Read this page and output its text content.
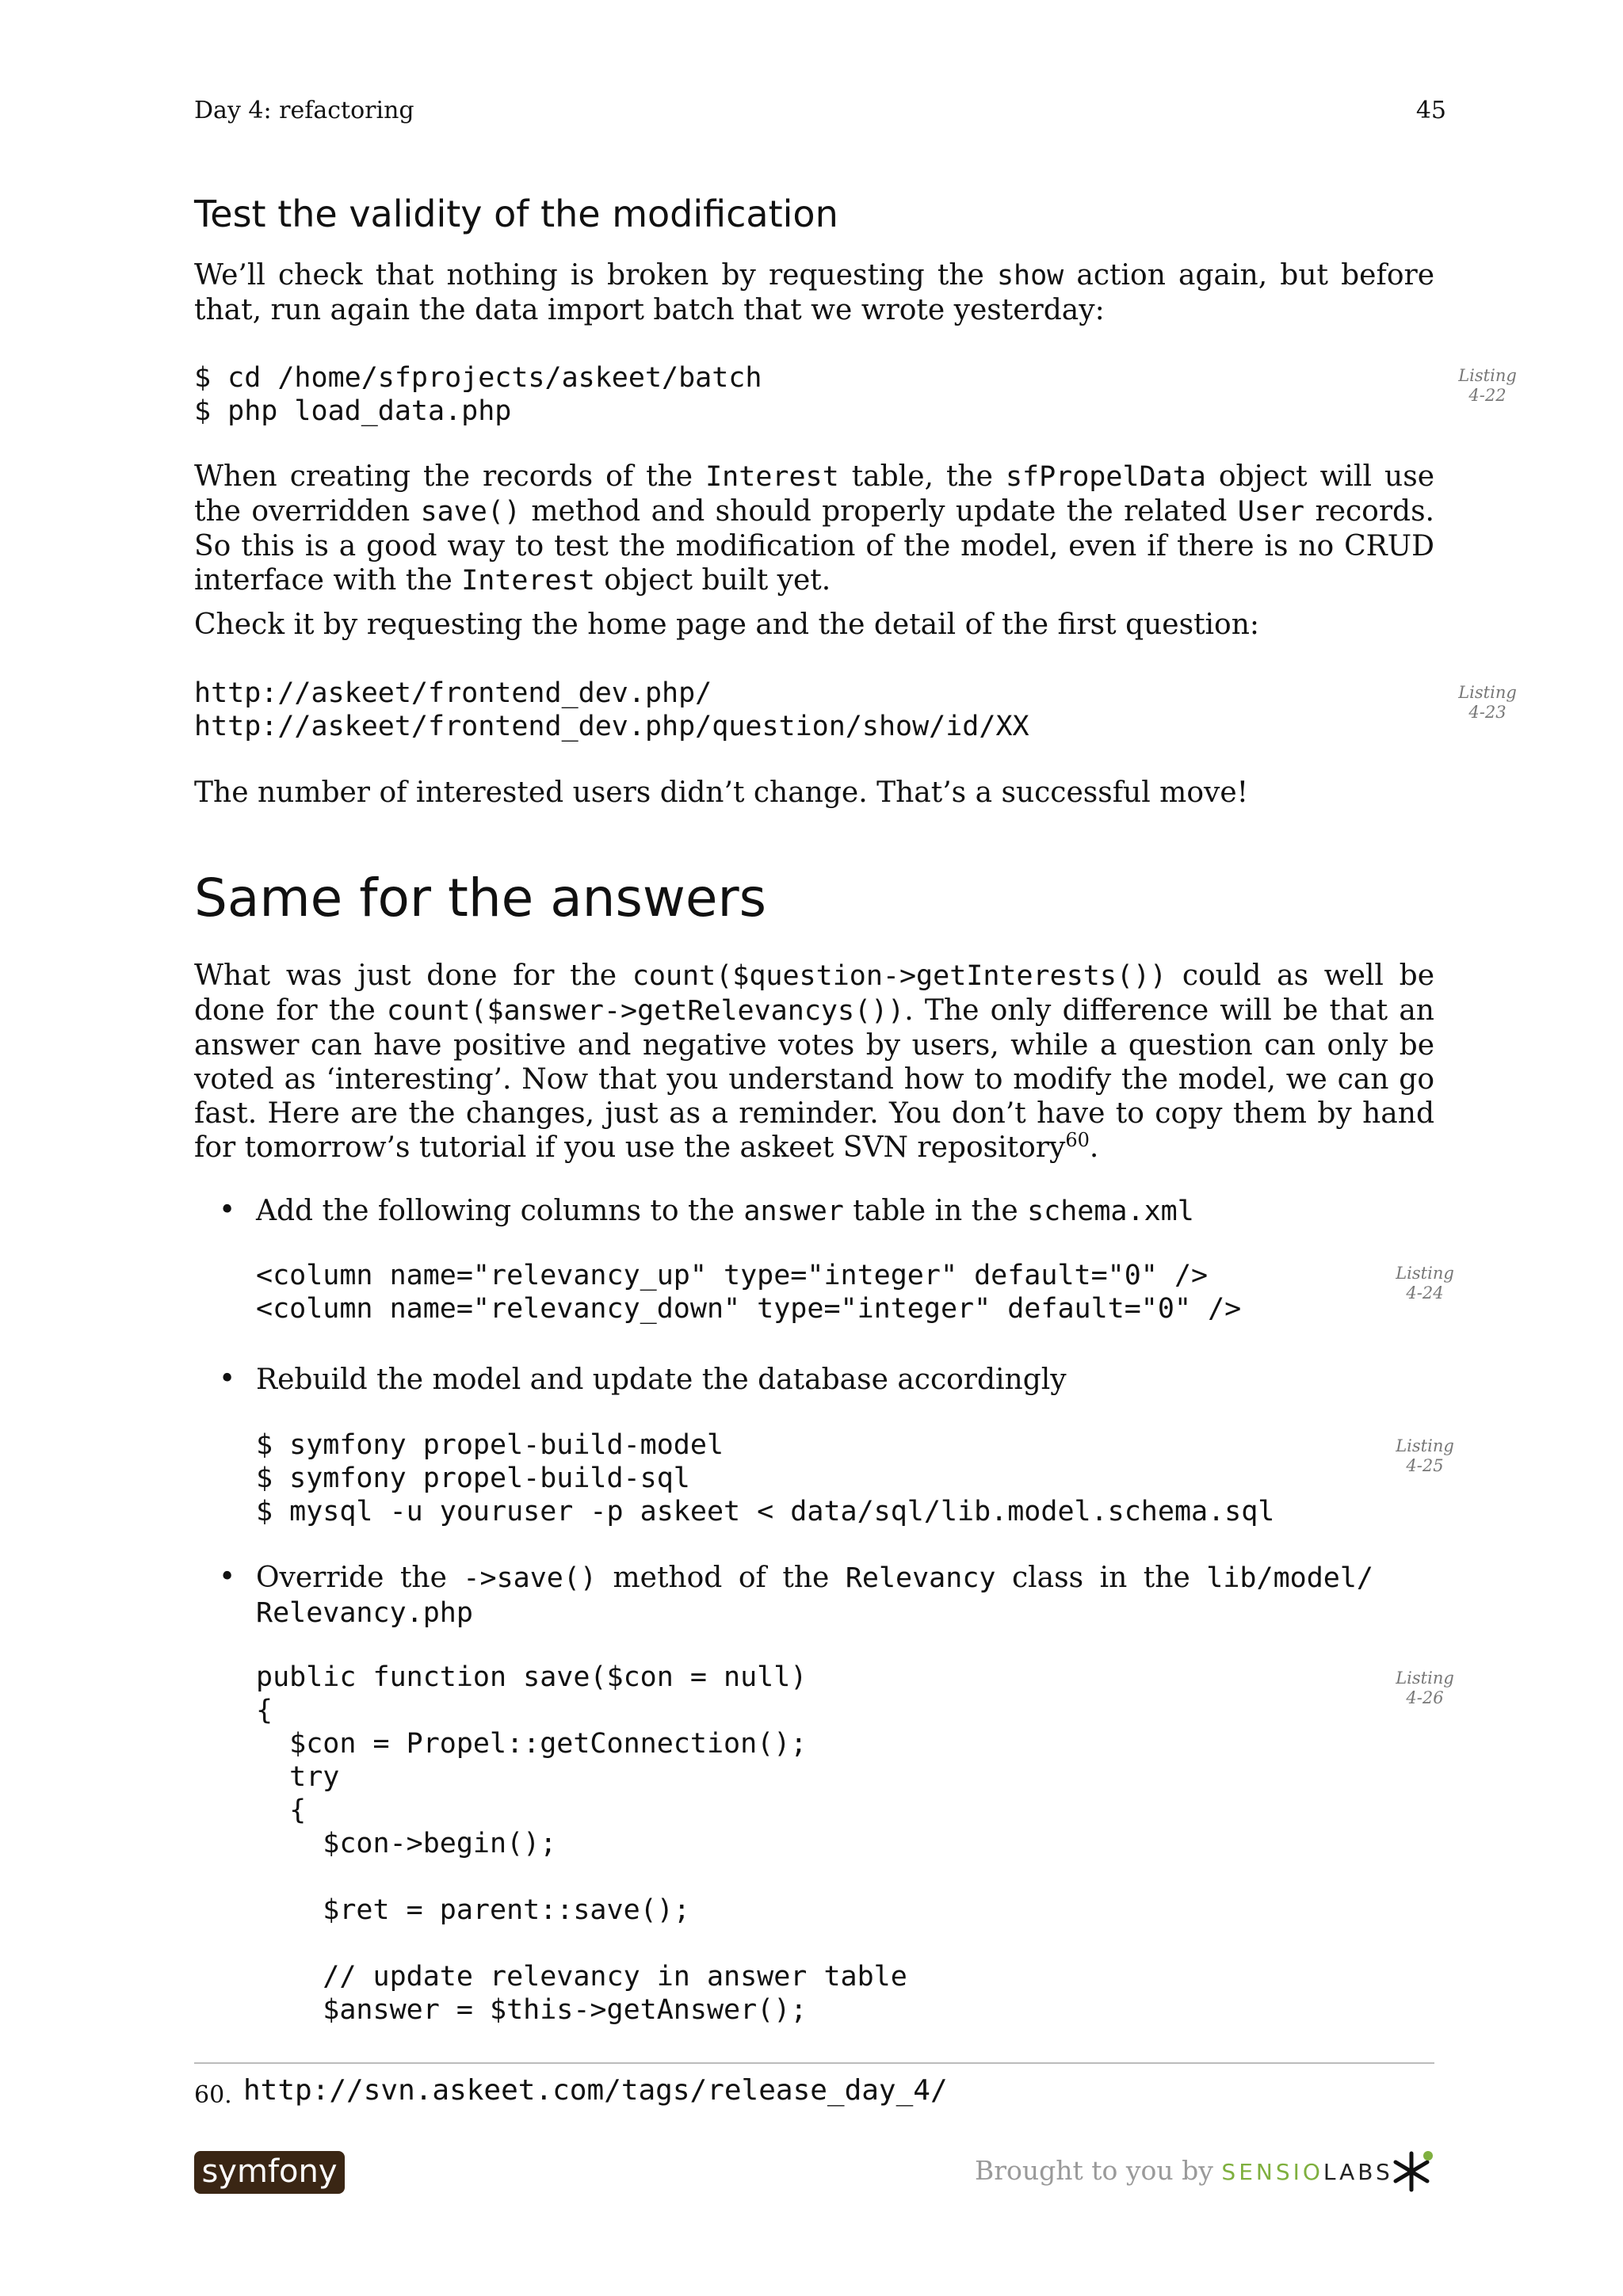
Day 4: refactoring	45
Test the validity of the modification

We’ll check that nothing is broken by requesting the show action again, but before that, run again the data import batch that we wrote yesterday:

$ cd /home/sfprojects/askeet/batch
$ php load_data.php
Listing
4-22

When creating the records of the Interest table, the sfPropelData object will use the overridden save() method and should properly update the related User records. So this is a good way to test the modification of the model, even if there is no CRUD interface with the Interest object built yet.

Check it by requesting the home page and the detail of the first question:

http://askeet/frontend_dev.php/
http://askeet/frontend_dev.php/question/show/id/XX
Listing
4-23

The number of interested users didn’t change. That’s a successful move!

Same for the answers

What was just done for the count($question->getInterests()) could as well be done for the count($answer->getRelevancys()). The only difference will be that an answer can have positive and negative votes by users, while a question can only be voted as ‘interesting’. Now that you understand how to modify the model, we can go fast. Here are the changes, just as a reminder. You don’t have to copy them by hand for tomorrow’s tutorial if you use the askeet SVN repository$^{60}$.

• Add the following columns to the answer table in the schema.xml

<column name="relevancy_up" type="integer" default="0" />
<column name="relevancy_down" type="integer" default="0" />
Listing
4-24
• Rebuild the model and update the database accordingly

$ symfony propel-build-model
$ symfony propel-build-sql
$ mysql -u youruser -p askeet < data/sql/lib.model.schema.sql
Listing
4-25
• Override the ->save() method of the Relevancy class in the lib/model/ Relevancy.php

public function save($con = null)
{
$con = Propel::getConnection();
try
{
$con->begin();

$ret = parent::save();

// update relevancy in answer table
$answer = $this->getAnswer();
Listing
4-26
60. http://svn.askeet.com/tags/release_day_4/
symfony	Brought to you by SENSIOLABS
